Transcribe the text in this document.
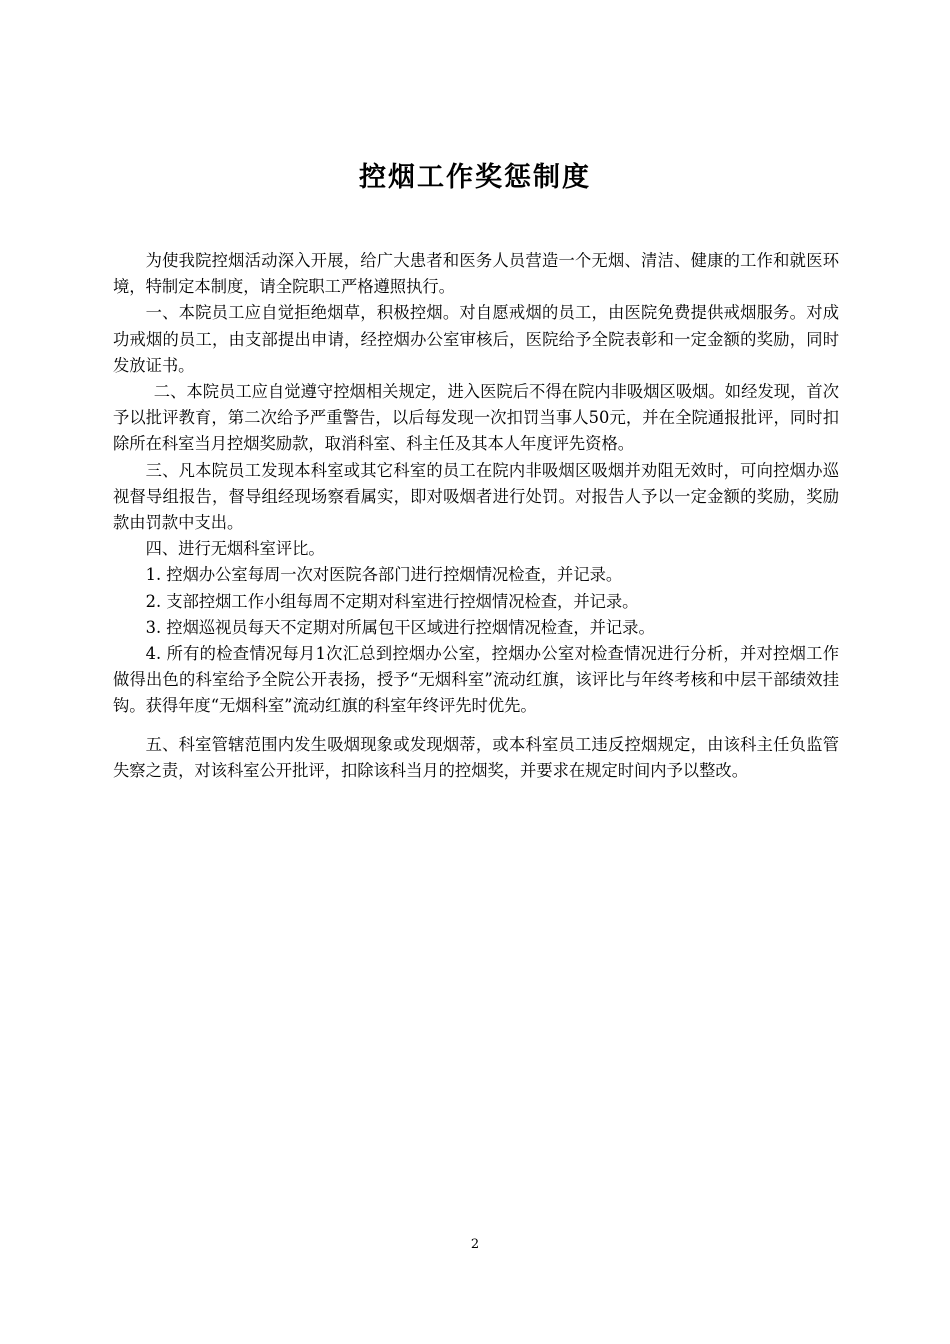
控烟工作奖惩制度

为使我院控烟活动深入开展，给广大患者和医务人员营造一个无烟、清洁、健康的工作和就医环境，特制定本制度，请全院职工严格遵照执行。

一、本院员工应自觉拒绝烟草，积极控烟。对自愿戒烟的员工，由医院免费提供戒烟服务。对成功戒烟的员工，由支部提出申请，经控烟办公室审核后，医院给予全院表彰和一定金额的奖励，同时发放证书。

二、本院员工应自觉遵守控烟相关规定，进入医院后不得在院内非吸烟区吸烟。如经发现，首次予以批评教育，第二次给予严重警告，以后每发现一次扣罚当事人50元，并在全院通报批评，同时扣除所在科室当月控烟奖励款，取消科室、科主任及其本人年度评先资格。

三、凡本院员工发现本科室或其它科室的员工在院内非吸烟区吸烟并劝阻无效时，可向控烟办巡视督导组报告，督导组经现场察看属实，即对吸烟者进行处罚。对报告人予以一定金额的奖励，奖励款由罚款中支出。

四、进行无烟科室评比。

1. 控烟办公室每周一次对医院各部门进行控烟情况检查，并记录。

2. 支部控烟工作小组每周不定期对科室进行控烟情况检查，并记录。

3. 控烟巡视员每天不定期对所属包干区域进行控烟情况检查，并记录。

4. 所有的检查情况每月1次汇总到控烟办公室，控烟办公室对检查情况进行分析，并对控烟工作做得出色的科室给予全院公开表扬，授予“无烟科室”流动红旗，该评比与年终考核和中层干部绩效挂钩。获得年度“无烟科室”流动红旗的科室年终评先时优先。

五、科室管辖范围内发生吸烟现象或发现烟蒂，或本科室员工违反控烟规定，由该科主任负监管失察之责，对该科室公开批评，扣除该科当月的控烟奖，并要求在规定时间内予以整改。

2
